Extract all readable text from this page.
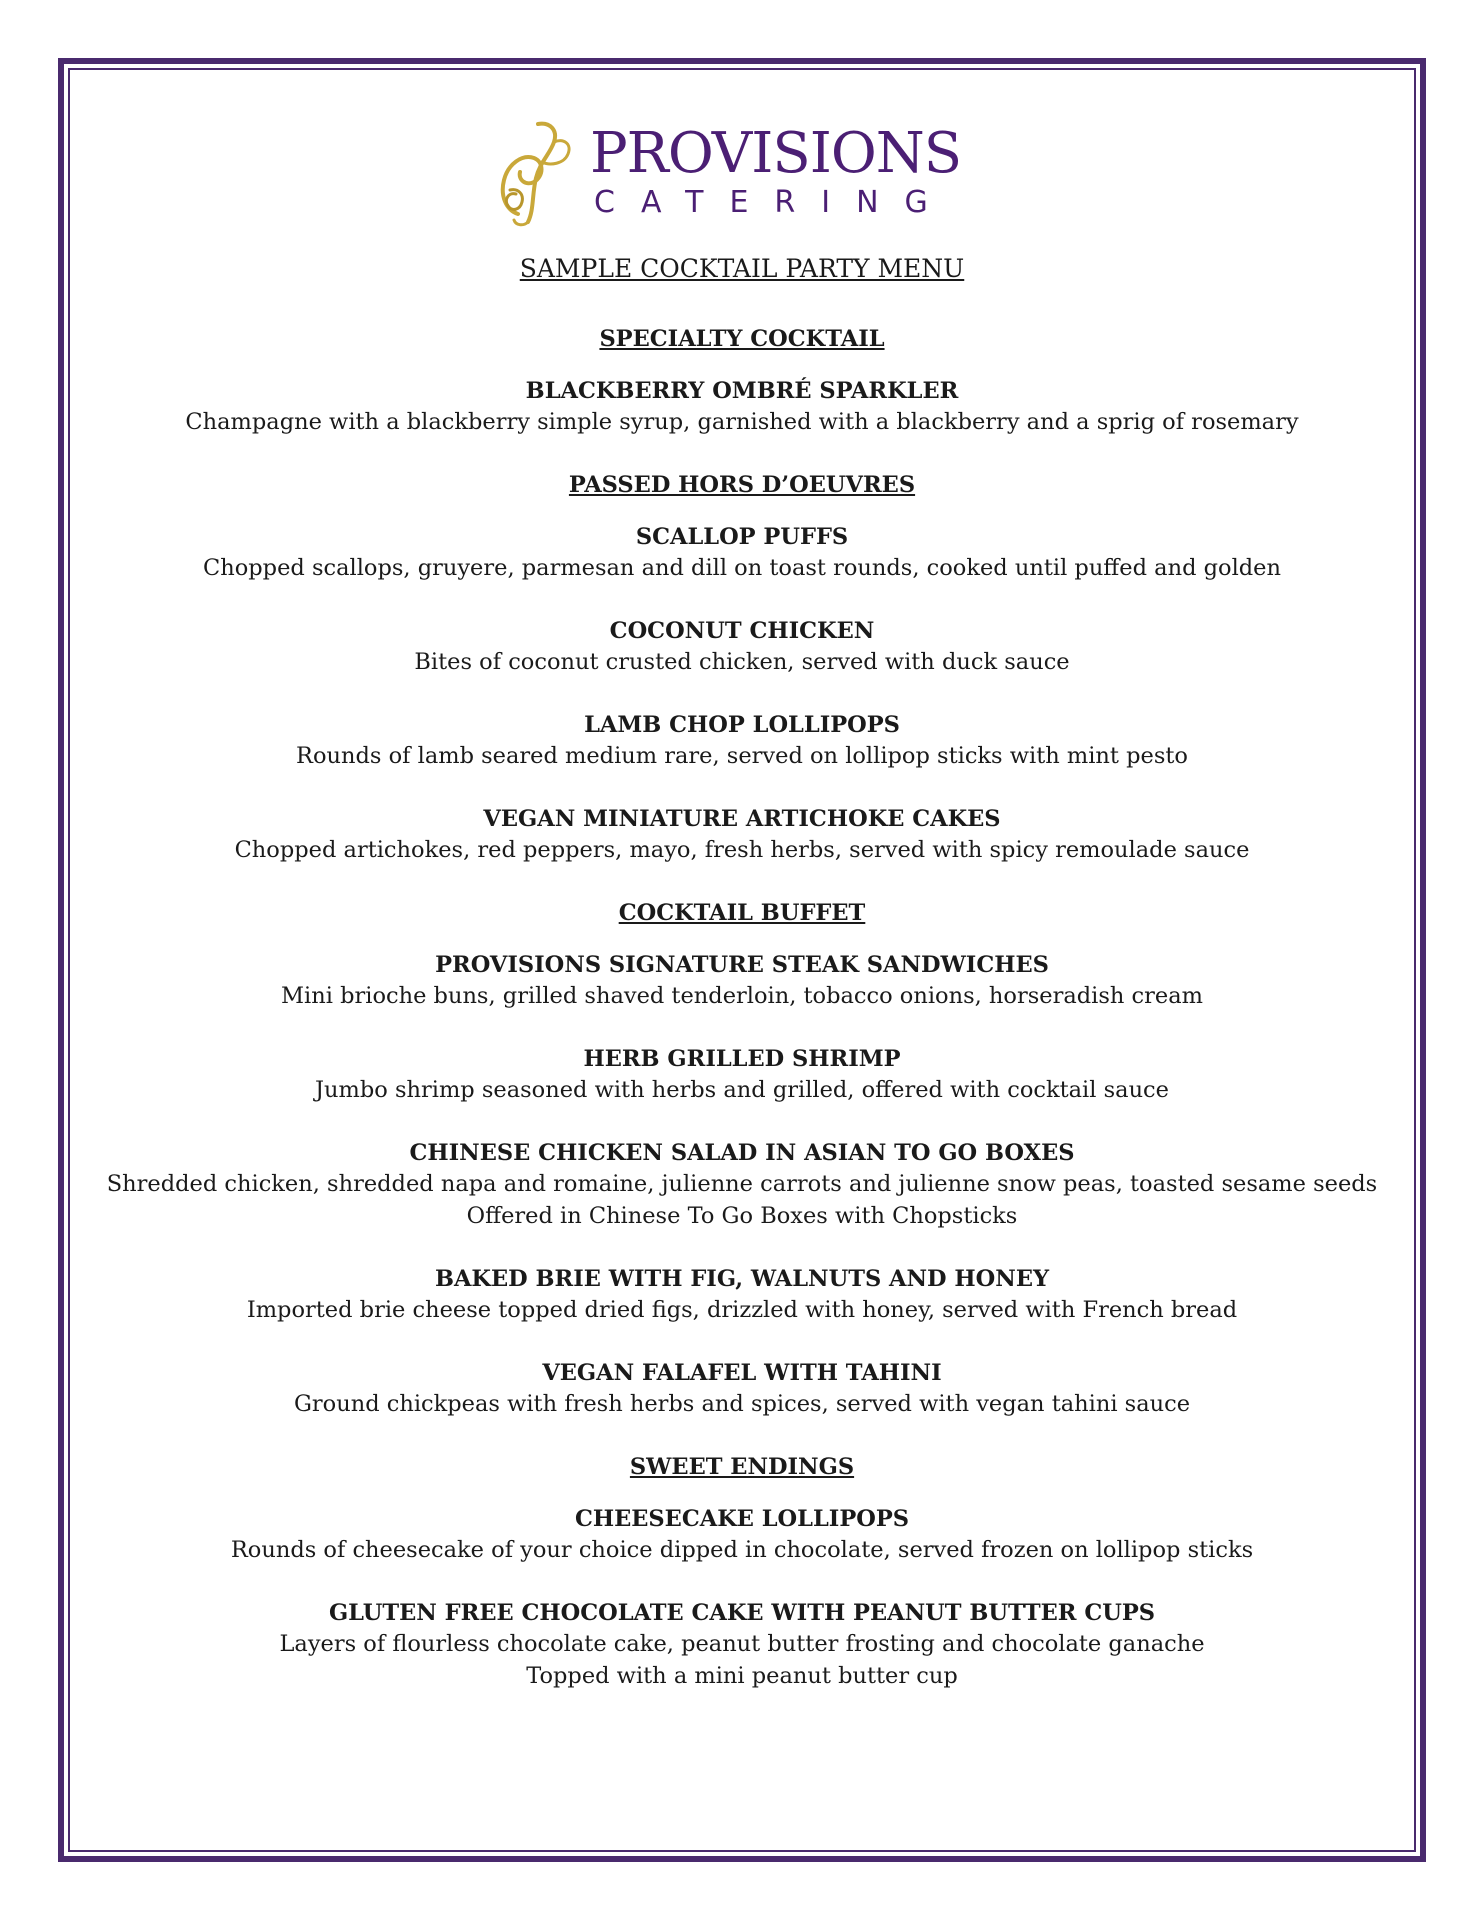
PROVISIONS
CATERING
SAMPLE COCKTAIL PARTY MENU
SPECIALTY COCKTAIL
BLACKBERRY OMBRÉ SPARKLER
Champagne with a blackberry simple syrup, garnished with a blackberry and a sprig of rosemary
PASSED HORS D’OEUVRES
SCALLOP PUFFS
Chopped scallops, gruyere, parmesan and dill on toast rounds, cooked until puffed and golden
COCONUT CHICKEN
Bites of coconut crusted chicken, served with duck sauce
LAMB CHOP LOLLIPOPS
Rounds of lamb seared medium rare, served on lollipop sticks with mint pesto
VEGAN MINIATURE ARTICHOKE CAKES
Chopped artichokes, red peppers, mayo, fresh herbs, served with spicy remoulade sauce
COCKTAIL BUFFET
PROVISIONS SIGNATURE STEAK SANDWICHES
Mini brioche buns, grilled shaved tenderloin, tobacco onions, horseradish cream
HERB GRILLED SHRIMP
Jumbo shrimp seasoned with herbs and grilled, offered with cocktail sauce
CHINESE CHICKEN SALAD IN ASIAN TO GO BOXES
Shredded chicken, shredded napa and romaine, julienne carrots and julienne snow peas, toasted sesame seeds
Offered in Chinese To Go Boxes with Chopsticks
BAKED BRIE WITH FIG, WALNUTS AND HONEY
Imported brie cheese topped dried figs, drizzled with honey, served with French bread
VEGAN FALAFEL WITH TAHINI
Ground chickpeas with fresh herbs and spices, served with vegan tahini sauce
SWEET ENDINGS
CHEESECAKE LOLLIPOPS
Rounds of cheesecake of your choice dipped in chocolate, served frozen on lollipop sticks
GLUTEN FREE CHOCOLATE CAKE WITH PEANUT BUTTER CUPS
Layers of flourless chocolate cake, peanut butter frosting and chocolate ganache
Topped with a mini peanut butter cup
